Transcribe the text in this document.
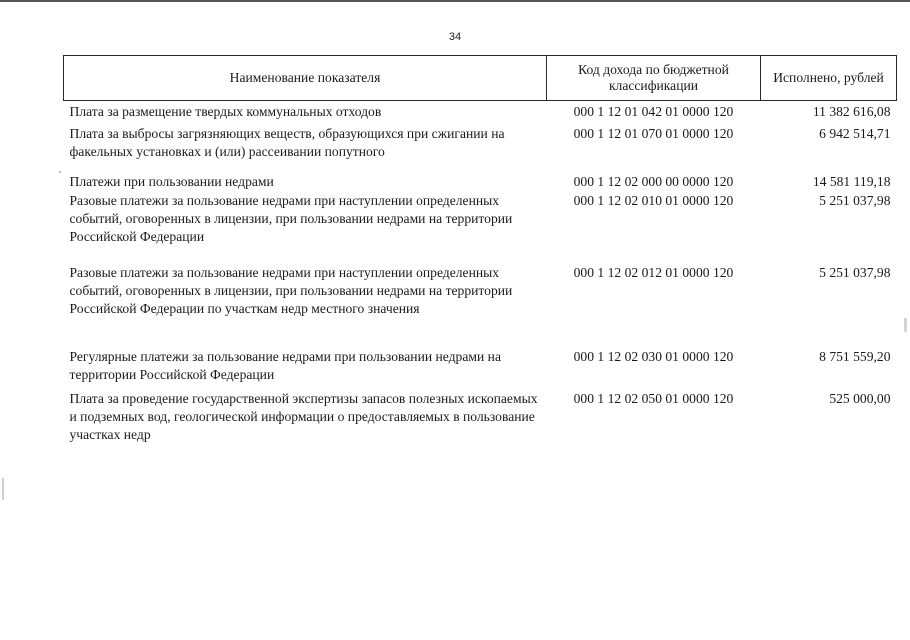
34
Наименование показателя	Код дохода по бюджетной классификации	Исполнено, рублей
Плата за размещение твердых коммунальных отходов	000 1 12 01 042 01 0000 120	11 382 616,08
Плата за выбросы загрязняющих веществ, образующихся при сжигании на факельных установках и (или) рассеивании попутного	000 1 12 01 070 01 0000 120	6 942 514,71
Платежи при пользовании недрами	000 1 12 02 000 00 0000 120	14 581 119,18
Разовые платежи за пользование недрами при наступлении определенных событий, оговоренных в лицензии, при пользовании недрами на территории Российской Федерации	000 1 12 02 010 01 0000 120	5 251 037,98
Разовые платежи за пользование недрами при наступлении определенных событий, оговоренных в лицензии, при пользовании недрами на территории Российской Федерации по участкам недр местного значения	000 1 12 02 012 01 0000 120	5 251 037,98
Регулярные платежи за пользование недрами при пользовании недрами на территории Российской Федерации	000 1 12 02 030 01 0000 120	8 751 559,20
Плата за проведение государственной экспертизы запасов полезных ископаемых и подземных вод, геологической информации о предоставляемых в пользование участках недр	000 1 12 02 050 01 0000 120	525 000,00
